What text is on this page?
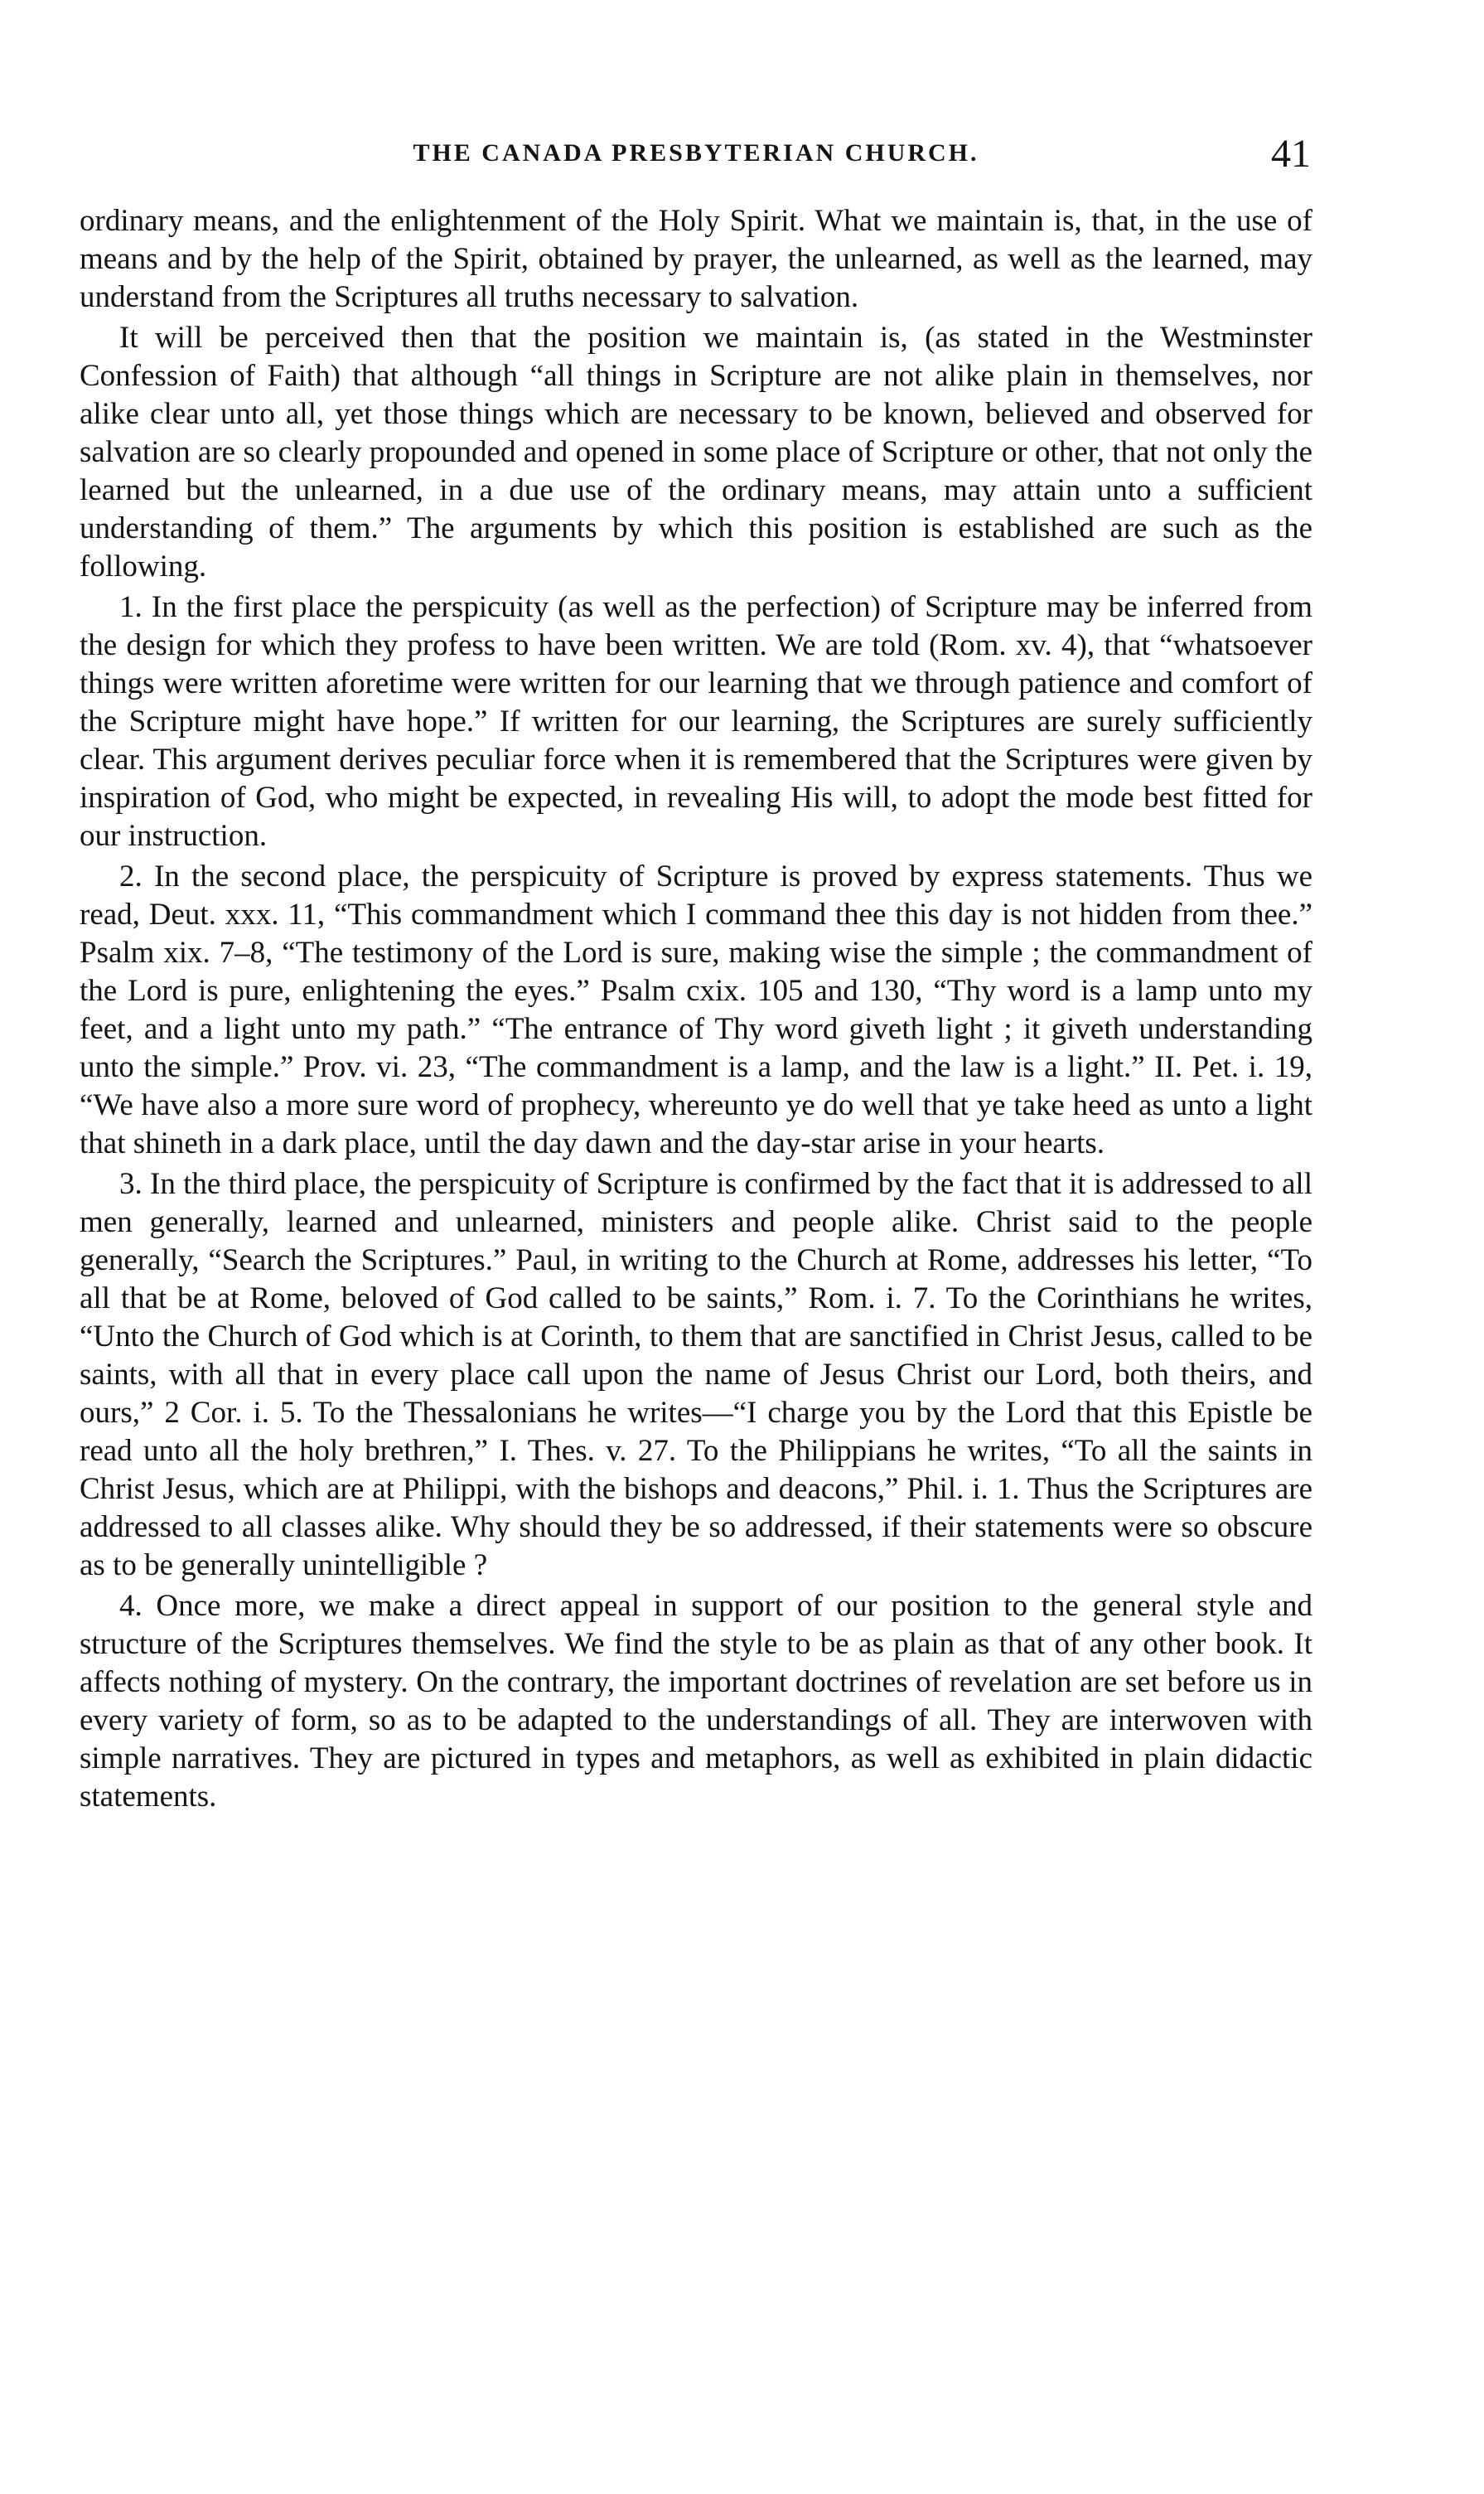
THE CANADA PRESBYTERIAN CHURCH.	41

ordinary means, and the enlightenment of the Holy Spirit. What we maintain is, that, in the use of means and by the help of the Spirit, obtained by prayer, the unlearned, as well as the learned, may understand from the Scriptures all truths necessary to salvation.

It will be perceived then that the position we maintain is, (as stated in the Westminster Confession of Faith) that although “all things in Scripture are not alike plain in themselves, nor alike clear unto all, yet those things which are necessary to be known, believed and observed for salvation are so clearly propounded and opened in some place of Scripture or other, that not only the learned but the unlearned, in a due use of the ordinary means, may attain unto a sufficient understanding of them.” The arguments by which this position is established are such as the following.

1. In the first place the perspicuity (as well as the perfection) of Scripture may be inferred from the design for which they profess to have been written. We are told (Rom. xv. 4), that “whatsoever things were written aforetime were written for our learning that we through patience and comfort of the Scripture might have hope.” If written for our learning, the Scriptures are surely sufficiently clear. This argument derives peculiar force when it is remembered that the Scriptures were given by inspiration of God, who might be expected, in revealing His will, to adopt the mode best fitted for our instruction.

2. In the second place, the perspicuity of Scripture is proved by express statements. Thus we read, Deut. xxx. 11, “This commandment which I command thee this day is not hidden from thee.” Psalm xix. 7–8, “The testimony of the Lord is sure, making wise the simple ; the commandment of the Lord is pure, enlightening the eyes.” Psalm cxix. 105 and 130, “Thy word is a lamp unto my feet, and a light unto my path.” “The entrance of Thy word giveth light ; it giveth understanding unto the simple.” Prov. vi. 23, “The commandment is a lamp, and the law is a light.” II. Pet. i. 19, “We have also a more sure word of prophecy, whereunto ye do well that ye take heed as unto a light that shineth in a dark place, until the day dawn and the day-star arise in your hearts.

3. In the third place, the perspicuity of Scripture is confirmed by the fact that it is addressed to all men generally, learned and unlearned, ministers and people alike. Christ said to the people generally, “Search the Scriptures.” Paul, in writing to the Church at Rome, addresses his letter, “To all that be at Rome, beloved of God called to be saints,” Rom. i. 7. To the Corinthians he writes, “Unto the Church of God which is at Corinth, to them that are sanctified in Christ Jesus, called to be saints, with all that in every place call upon the name of Jesus Christ our Lord, both theirs, and ours,” 2 Cor. i. 5. To the Thessalonians he writes—“I charge you by the Lord that this Epistle be read unto all the holy brethren,” I. Thes. v. 27. To the Philippians he writes, “To all the saints in Christ Jesus, which are at Philippi, with the bishops and deacons,” Phil. i. 1. Thus the Scriptures are addressed to all classes alike. Why should they be so addressed, if their statements were so obscure as to be generally unintelligible ?

4. Once more, we make a direct appeal in support of our position to the general style and structure of the Scriptures themselves. We find the style to be as plain as that of any other book. It affects nothing of mystery. On the contrary, the important doctrines of revelation are set before us in every variety of form, so as to be adapted to the understandings of all. They are interwoven with simple narratives. They are pictured in types and metaphors, as well as exhibited in plain didactic statements.
